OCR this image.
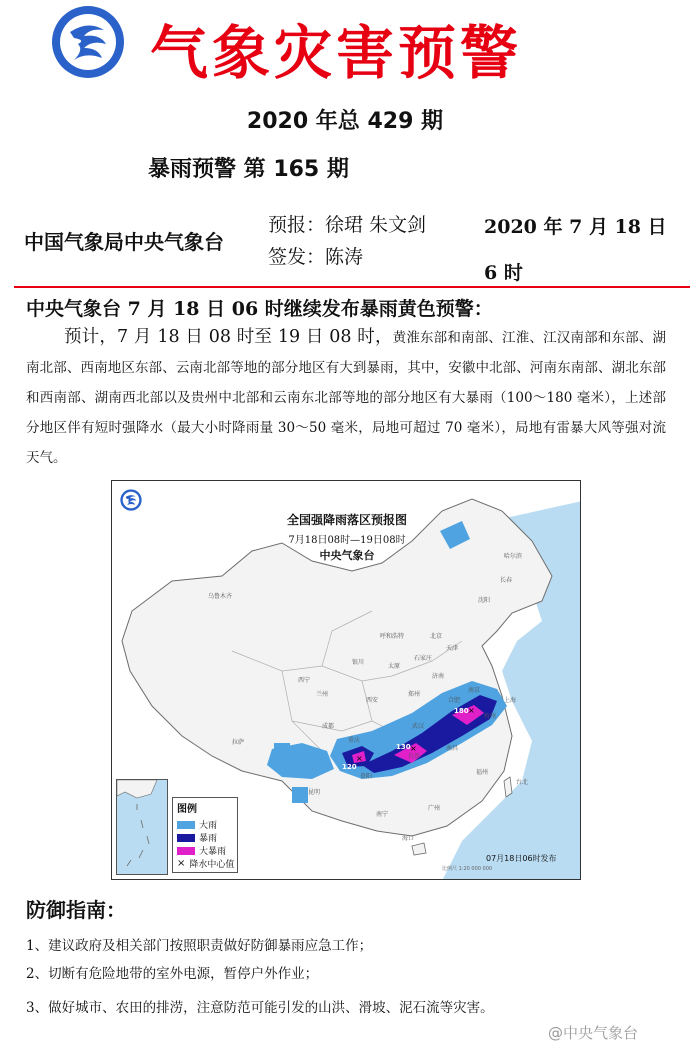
气象灾害预警
2020 年总 429 期
暴雨预警 第 165 期
中国气象局中央气象台
预报：徐珺 朱文剑
签发：陈涛
2020 年 7 月 18 日 6 时
中央气象台 7 月 18 日 06 时继续发布暴雨黄色预警：
预计，7 月 18 日 08 时至 19 日 08 时，黄淮东部和南部、江淮、江汉南部和东部、湖南北部、西南地区东部、云南北部等地的部分地区有大到暴雨，其中，安徽中北部、河南东南部、湖北东部和西南部、湖南西北部以及贵州中北部和云南东北部等地的部分地区有大暴雨（100～180 毫米），上述部分地区伴有短时强降水（最大小时降雨量 30～50 毫米，局地可超过 70 毫米），局地有雷暴大风等强对流天气。
×
×
×
全国强降雨落区预报图
7月18日08时—19日08时
中央气象台
180
130
120
乌鲁木齐
拉萨
西宁
兰州
银川
呼和浩特	北京
天津
石家庄
太原
济南
郑州
西安
成都
重庆
武汉
合肥
南京
上海
杭州
长沙
南昌
福州
贵阳
昆明
南宁
广州
海口
沈阳
长春
哈尔滨
台北
图例
大雨
暴雨
大暴雨
× 降水中心值	比例尺 1:20 000 000
07月18日06时发布
防御指南：
1、建议政府及相关部门按照职责做好防御暴雨应急工作；
2、切断有危险地带的室外电源，暂停户外作业；
3、做好城市、农田的排涝，注意防范可能引发的山洪、滑坡、泥石流等灾害。
@中央气象台
